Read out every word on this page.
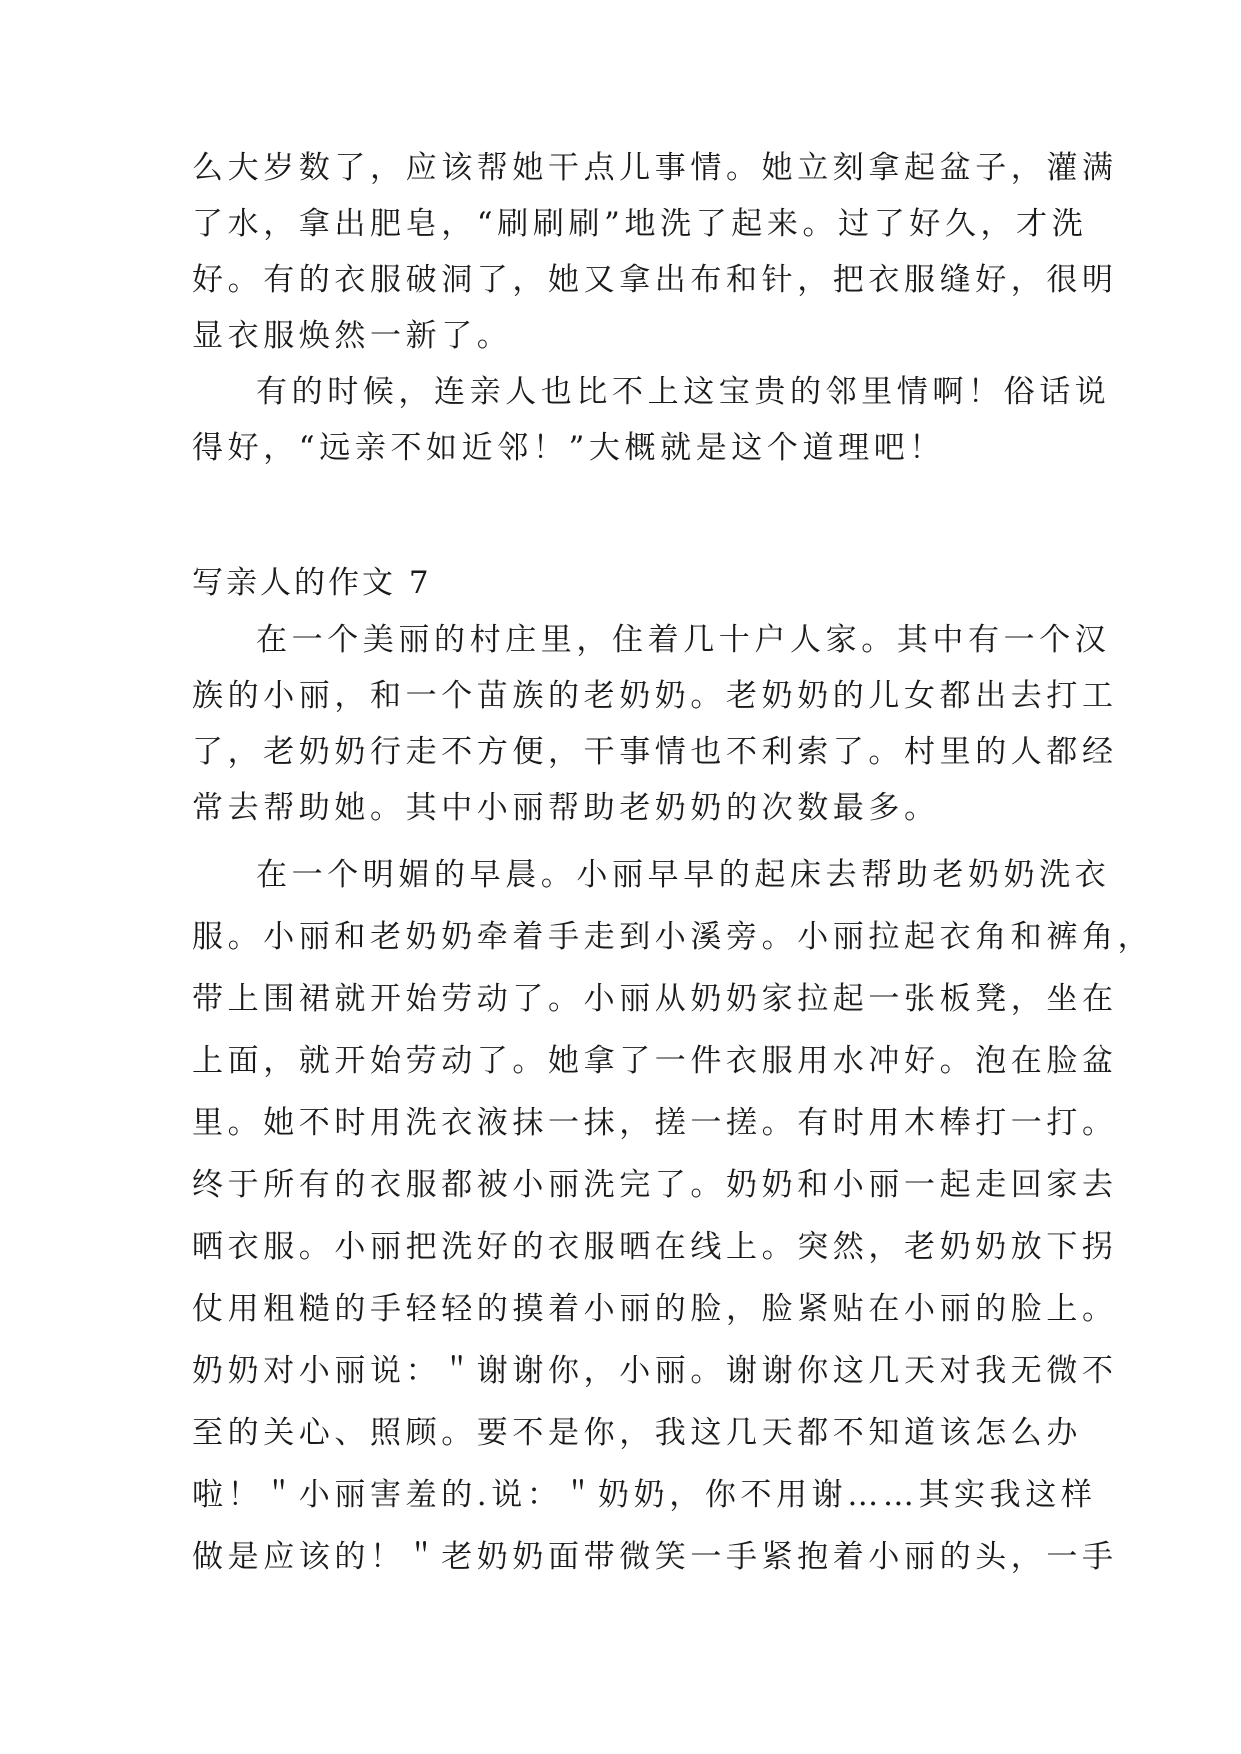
么大岁数了，应该帮她干点儿事情。她立刻拿起盆子，灌满
了水，拿出肥皂，“刷刷刷”地洗了起来。过了好久，才洗
好。有的衣服破洞了，她又拿出布和针，把衣服缝好，很明
显衣服焕然一新了。
有的时候，连亲人也比不上这宝贵的邻里情啊！俗话说
得好，“远亲不如近邻！”大概就是这个道理吧！
写亲人的作文 7
在一个美丽的村庄里，住着几十户人家。其中有一个汉
族的小丽，和一个苗族的老奶奶。老奶奶的儿女都出去打工
了，老奶奶行走不方便，干事情也不利索了。村里的人都经
常去帮助她。其中小丽帮助老奶奶的次数最多。
在一个明媚的早晨。小丽早早的起床去帮助老奶奶洗衣
服。小丽和老奶奶牵着手走到小溪旁。小丽拉起衣角和裤角，
带上围裙就开始劳动了。小丽从奶奶家拉起一张板凳，坐在
上面，就开始劳动了。她拿了一件衣服用水冲好。泡在脸盆
里。她不时用洗衣液抹一抹，搓一搓。有时用木棒打一打。
终于所有的衣服都被小丽洗完了。奶奶和小丽一起走回家去
晒衣服。小丽把洗好的衣服晒在线上。突然，老奶奶放下拐
仗用粗糙的手轻轻的摸着小丽的脸，脸紧贴在小丽的脸上。
奶奶对小丽说：＂谢谢你，小丽。谢谢你这几天对我无微不
至的关心、照顾。要不是你，我这几天都不知道该怎么办
啦！＂小丽害羞的.说：＂奶奶，你不用谢……其实我这样
做是应该的！＂老奶奶面带微笑一手紧抱着小丽的头，一手
